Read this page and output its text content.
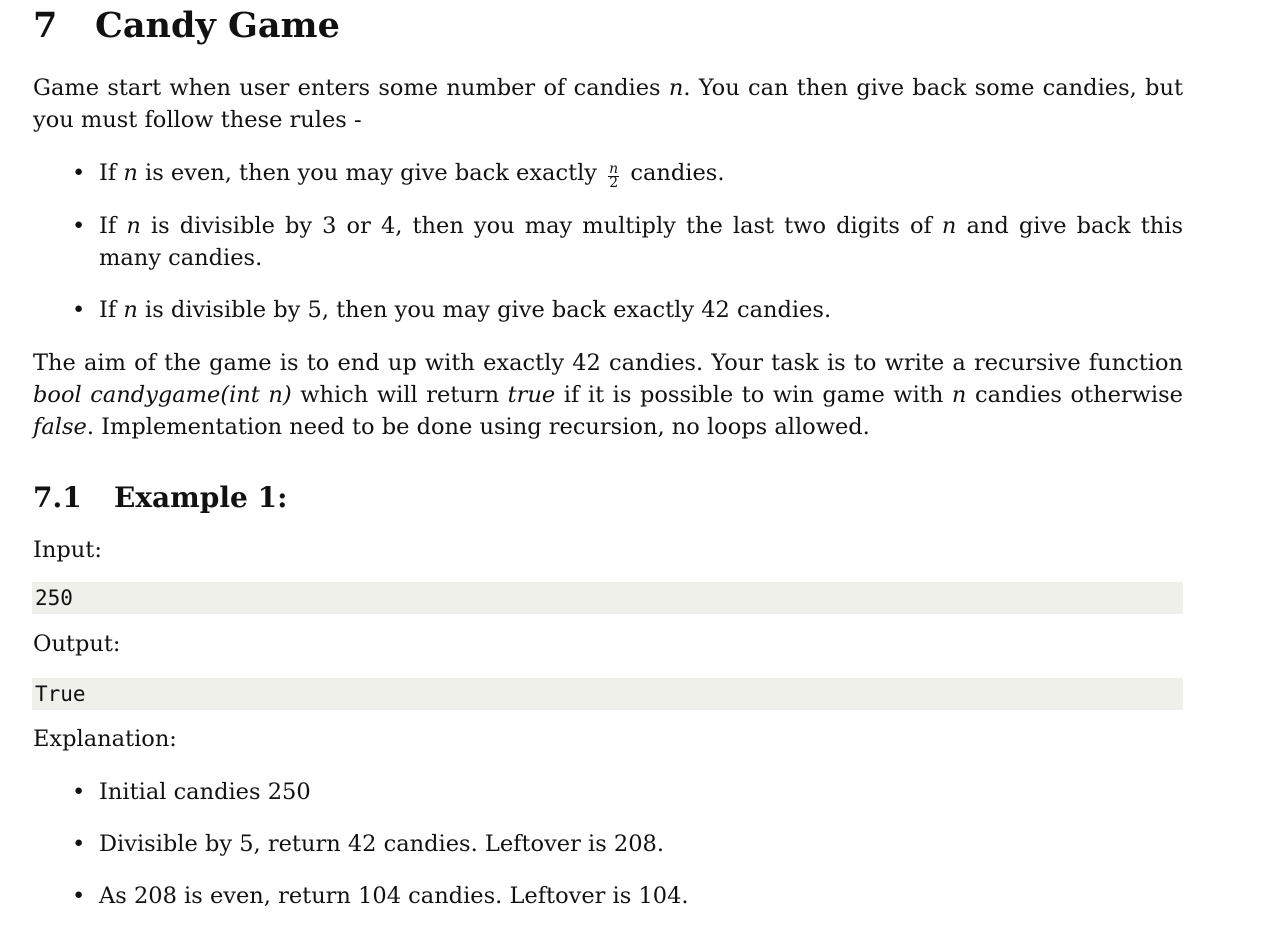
7 Candy Game

Game start when user enters some number of candies n. You can then give back some candies, but you must follow these rules -

• If n is even, then you may give back exactly $\frac{n}{2}$ candies.
• If n is divisible by 3 or 4, then you may multiply the last two digits of n and give back this many candies.
• If n is divisible by 5, then you may give back exactly 42 candies.

The aim of the game is to end up with exactly 42 candies. Your task is to write a recursive function bool candygame(int n) which will return true if it is possible to win game with n candies otherwise false. Implementation need to be done using recursion, no loops allowed.

7.1 Example 1:
Input:
250
Output:
True
Explanation:
• Initial candies 250
• Divisible by 5, return 42 candies. Leftover is 208.
• As 208 is even, return 104 candies. Leftover is 104.
